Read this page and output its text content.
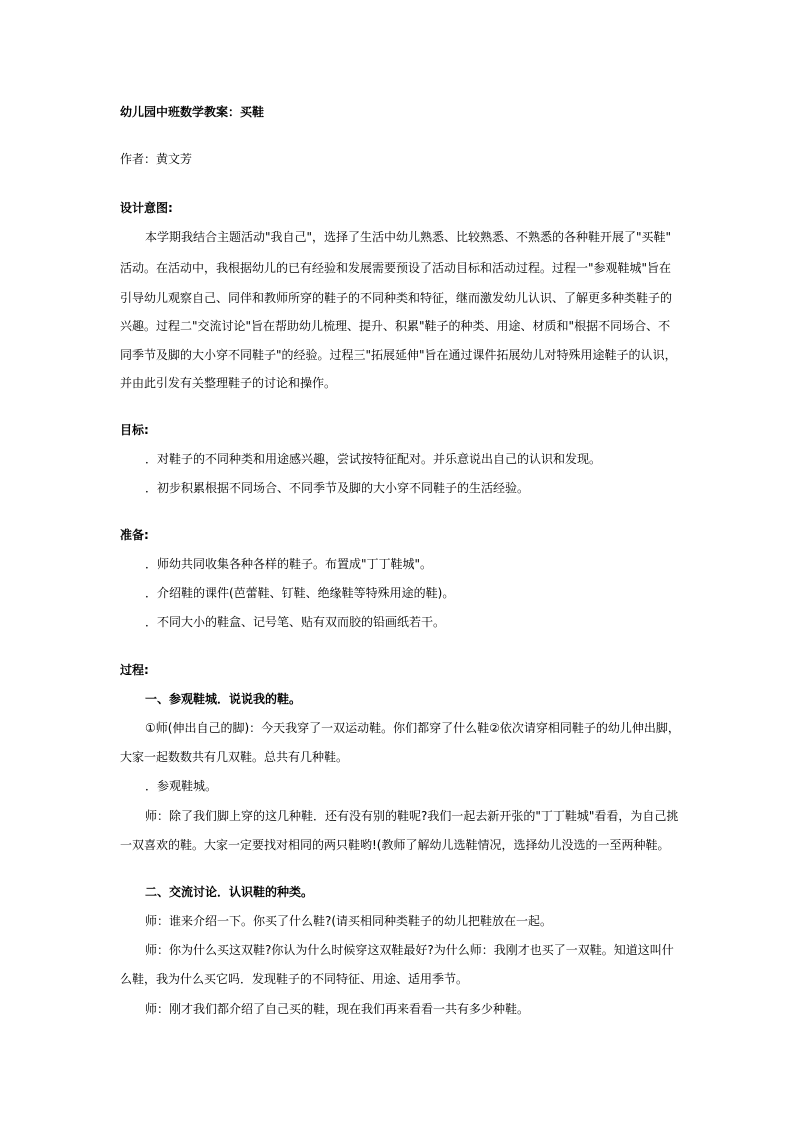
幼儿园中班数学教案：买鞋
作者：黄文芳
设计意图:
本学期我结合主题活动"我自己"，选择了生活中幼儿熟悉、比较熟悉、不熟悉的各种鞋开展了"买鞋"
活动。在活动中，我根据幼儿的已有经验和发展需要预设了活动目标和活动过程。过程一"参观鞋城"旨在
引导幼儿观察自己、同伴和教师所穿的鞋子的不同种类和特征，继而激发幼儿认识、了解更多种类鞋子的
兴趣。过程二"交流讨论"旨在帮助幼儿梳理、提升、积累"鞋子的种类、用途、材质和"根据不同场合、不
同季节及脚的大小穿不同鞋子"的经验。过程三"拓展延伸"旨在通过课件拓展幼儿对特殊用途鞋子的认识，
并由此引发有关整理鞋子的讨论和操作。
目标:
．对鞋子的不同种类和用途感兴趣，尝试按特征配对。并乐意说出自己的认识和发现。
．初步积累根据不同场合、不同季节及脚的大小穿不同鞋子的生活经验。
准备:
．师幼共同收集各种各样的鞋子。布置成"丁丁鞋城"。
．介绍鞋的课件(芭蕾鞋、钉鞋、绝缘鞋等特殊用途的鞋)。
．不同大小的鞋盒、记号笔、贴有双而胶的铅画纸若干。
过程:
一、参观鞋城．说说我的鞋。
①师(伸出自己的脚)：今天我穿了一双运动鞋。你们都穿了什么鞋②依次请穿相同鞋子的幼儿伸出脚，
大家一起数数共有几双鞋。总共有几种鞋。
．参观鞋城。
师：除了我们脚上穿的这几种鞋．还有没有别的鞋呢?我们一起去新开张的"丁丁鞋城"看看，为自己挑
一双喜欢的鞋。大家一定要找对相同的两只鞋哟!(教师了解幼儿选鞋情况，选择幼儿没选的一至两种鞋。
二、交流讨论．认识鞋的种类。
师：谁来介绍一下。你买了什么鞋?(请买相同种类鞋子的幼儿把鞋放在一起。
师：你为什么买这双鞋?你认为什么时候穿这双鞋最好?为什么师：我刚才也买了一双鞋。知道这叫什
么鞋，我为什么买它吗．发现鞋子的不同特征、用途、适用季节。
师：刚才我们都介绍了自己买的鞋，现在我们再来看看一共有多少种鞋。
